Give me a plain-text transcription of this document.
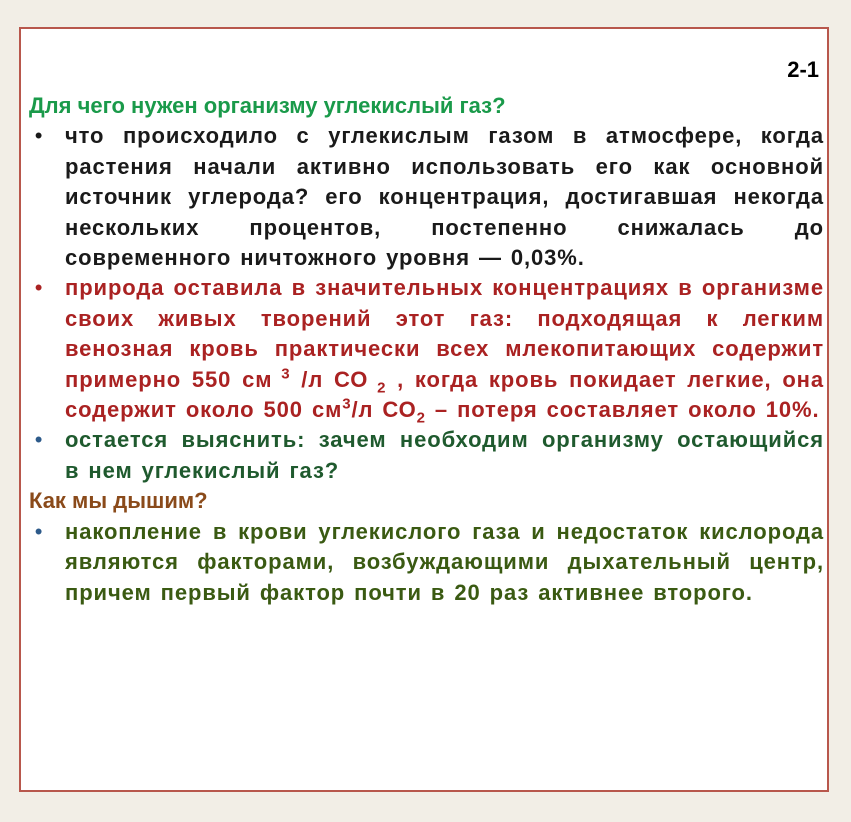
2-1
Для чего нужен организму углекислый газ?
• что происходило с углекислым газом в атмосфере, когда растения начали активно использовать его как основной источник углерода? его концентрация, достигавшая некогда нескольких процентов, постепенно снижалась до современного ничтожного уровня — 0,03%.
• природа оставила в значительных концентрациях в организме своих живых творений этот газ: подходящая к легким венозная кровь практически всех млекопитающих содержит примерно 550 см $^3$ /л СО $_2$ , когда кровь покидает легкие, она содержит около 500 $см^3/л$ $СО_2$ – потеря составляет около 10%.
• остается выяснить: зачем необходим организму остающийся в нем углекислый газ?
Как мы дышим?
• накопление в крови углекислого газа и недостаток кислорода являются факторами, возбуждающими дыхательный центр, причем первый фактор почти в 20 раз активнее второго.
